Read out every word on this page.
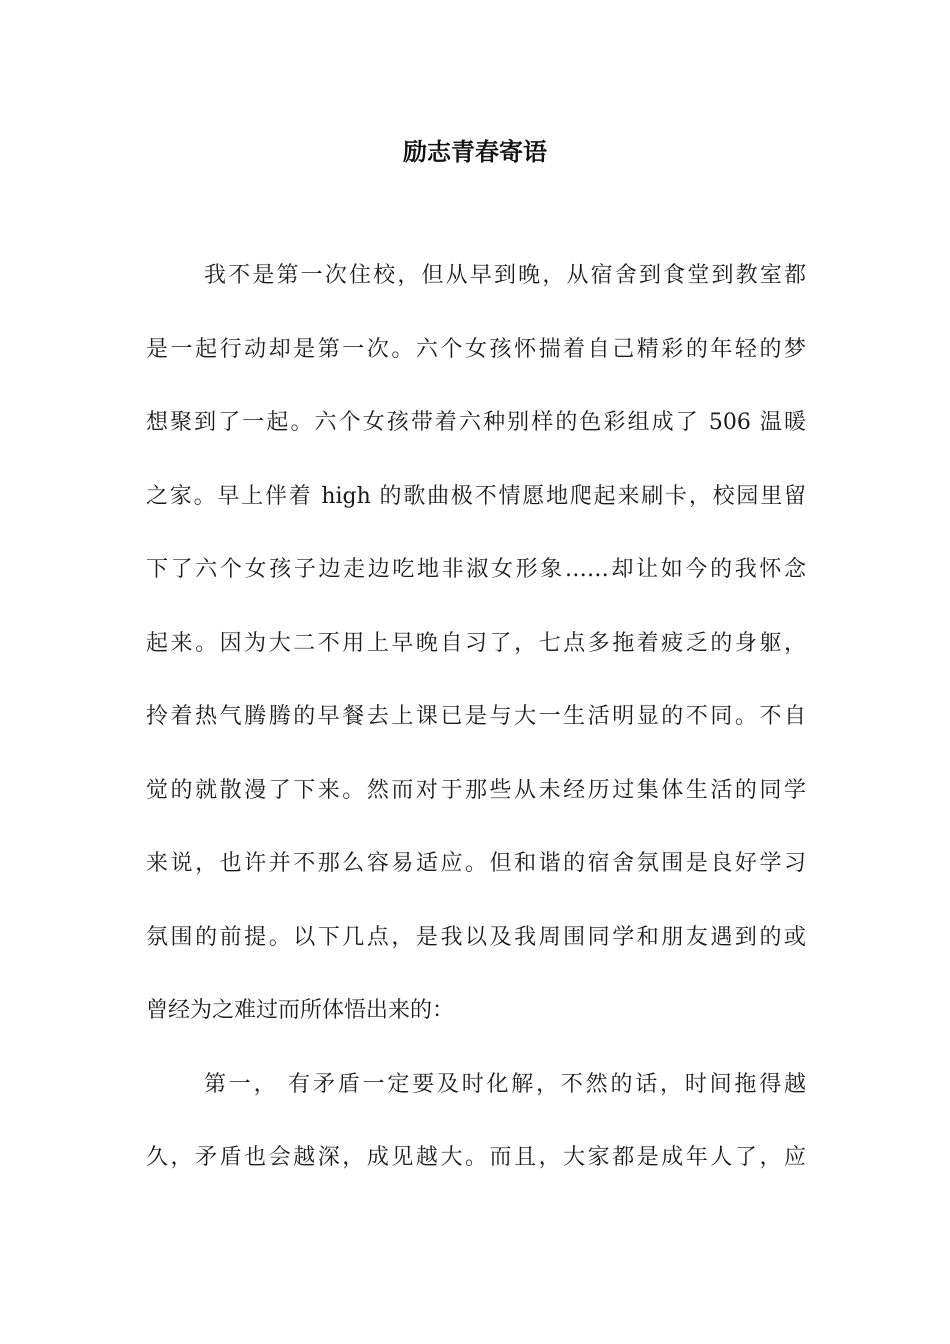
励志青春寄语
我不是第一次住校，但从早到晚，从宿舍到食堂到教室都
是一起行动却是第一次。六个女孩怀揣着自己精彩的年轻的梦
想聚到了一起。六个女孩带着六种别样的色彩组成了 506 温暖
之家。早上伴着 high 的歌曲极不情愿地爬起来刷卡，校园里留
下了六个女孩子边走边吃地非淑女形象……却让如今的我怀念
起来。因为大二不用上早晚自习了，七点多拖着疲乏的身躯，
拎着热气腾腾的早餐去上课已是与大一生活明显的不同。不自
觉的就散漫了下来。然而对于那些从未经历过集体生活的同学
来说，也许并不那么容易适应。但和谐的宿舍氛围是良好学习
氛围的前提。以下几点，是我以及我周围同学和朋友遇到的或
曾经为之难过而所体悟出来的：
第一， 有矛盾一定要及时化解，不然的话，时间拖得越
久，矛盾也会越深，成见越大。而且，大家都是成年人了，应
